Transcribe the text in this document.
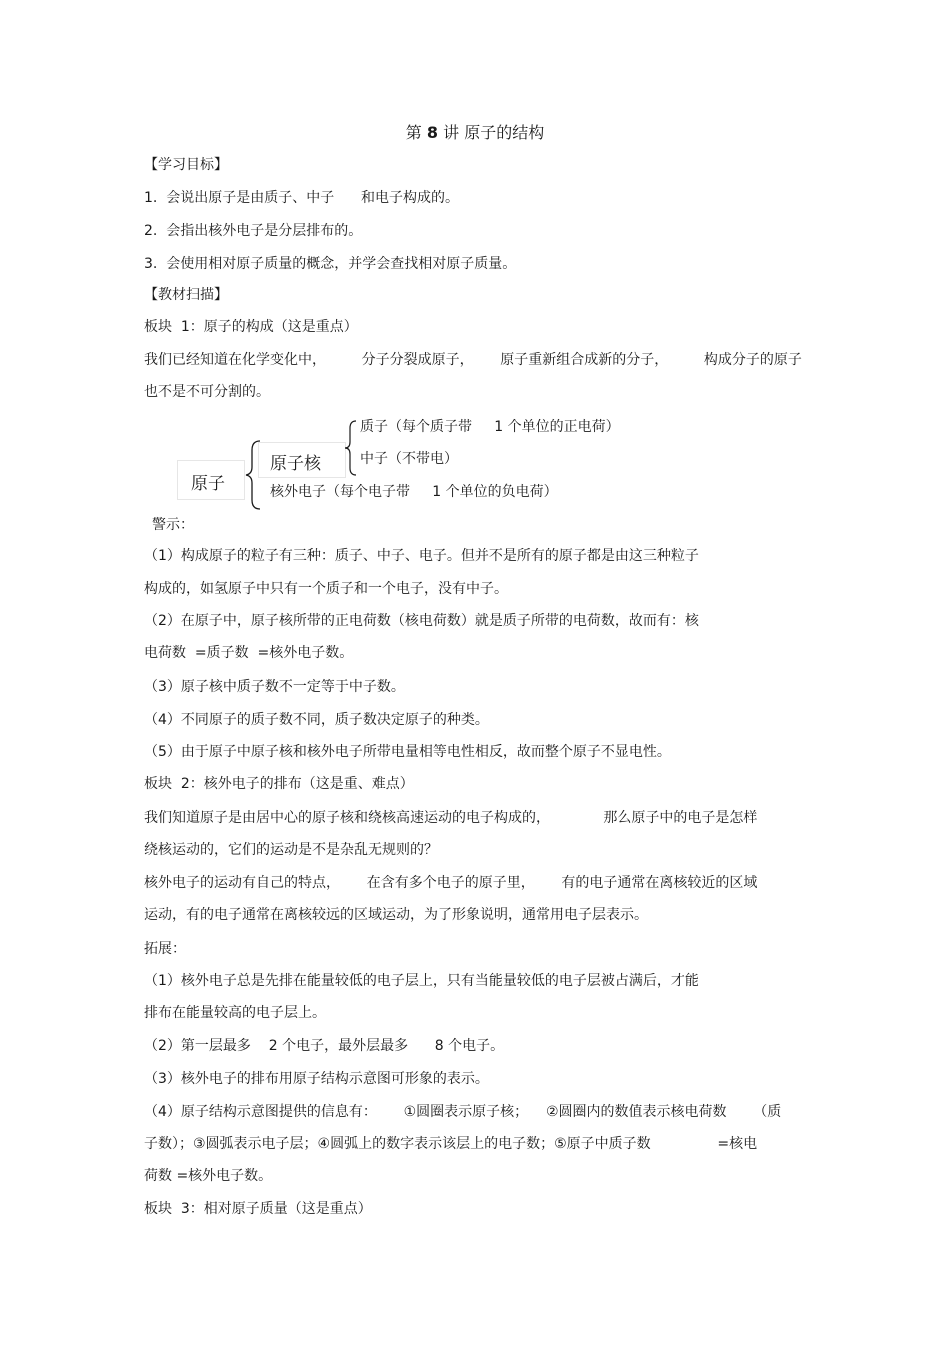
第 8 讲 原子的结构
【学习目标】
1.  会说出原子是由质子、中子      和电子构成的。
2.  会指出核外电子是分层排布的。
3.  会使用相对原子质量的概念，并学会查找相对原子质量。
【教材扫描】
板块  1：原子的构成（这是重点）
我们已经知道在化学变化中，        分子分裂成原子，      原子重新组合成新的分子，        构成分子的原子
也不是不可分割的。
原子
原子核
质子（每个质子带     1 个单位的正电荷）
中子（不带电）
核外电子（每个电子带     1 个单位的负电荷）
警示：
（1）构成原子的粒子有三种：质子、中子、电子。但并不是所有的原子都是由这三种粒子
构成的，如氢原子中只有一个质子和一个电子，没有中子。
（2）在原子中，原子核所带的正电荷数（核电荷数）就是质子所带的电荷数，故而有：核
电荷数  =质子数  =核外电子数。
（3）原子核中质子数不一定等于中子数。
（4）不同原子的质子数不同，质子数决定原子的种类。
（5）由于原子中原子核和核外电子所带电量相等电性相反，故而整个原子不显电性。
板块  2：核外电子的排布（这是重、难点）
我们知道原子是由居中心的原子核和绕核高速运动的电子构成的，            那么原子中的电子是怎样
绕核运动的，它们的运动是不是杂乱无规则的？
核外电子的运动有自己的特点，      在含有多个电子的原子里，      有的电子通常在离核较近的区域
运动，有的电子通常在离核较远的区域运动，为了形象说明，通常用电子层表示。
拓展：
（1）核外电子总是先排在能量较低的电子层上，只有当能量较低的电子层被占满后，才能
排布在能量较高的电子层上。
（2）第一层最多    2 个电子，最外层最多      8 个电子。
（3）核外电子的排布用原子结构示意图可形象的表示。
（4）原子结构示意图提供的信息有：      ①圆圈表示原子核；    ②圆圈内的数值表示核电荷数      （质
子数）；③圆弧表示电子层；④圆弧上的数字表示该层上的电子数；⑤原子中质子数               =核电
荷数 =核外电子数。
板块  3：相对原子质量（这是重点）
